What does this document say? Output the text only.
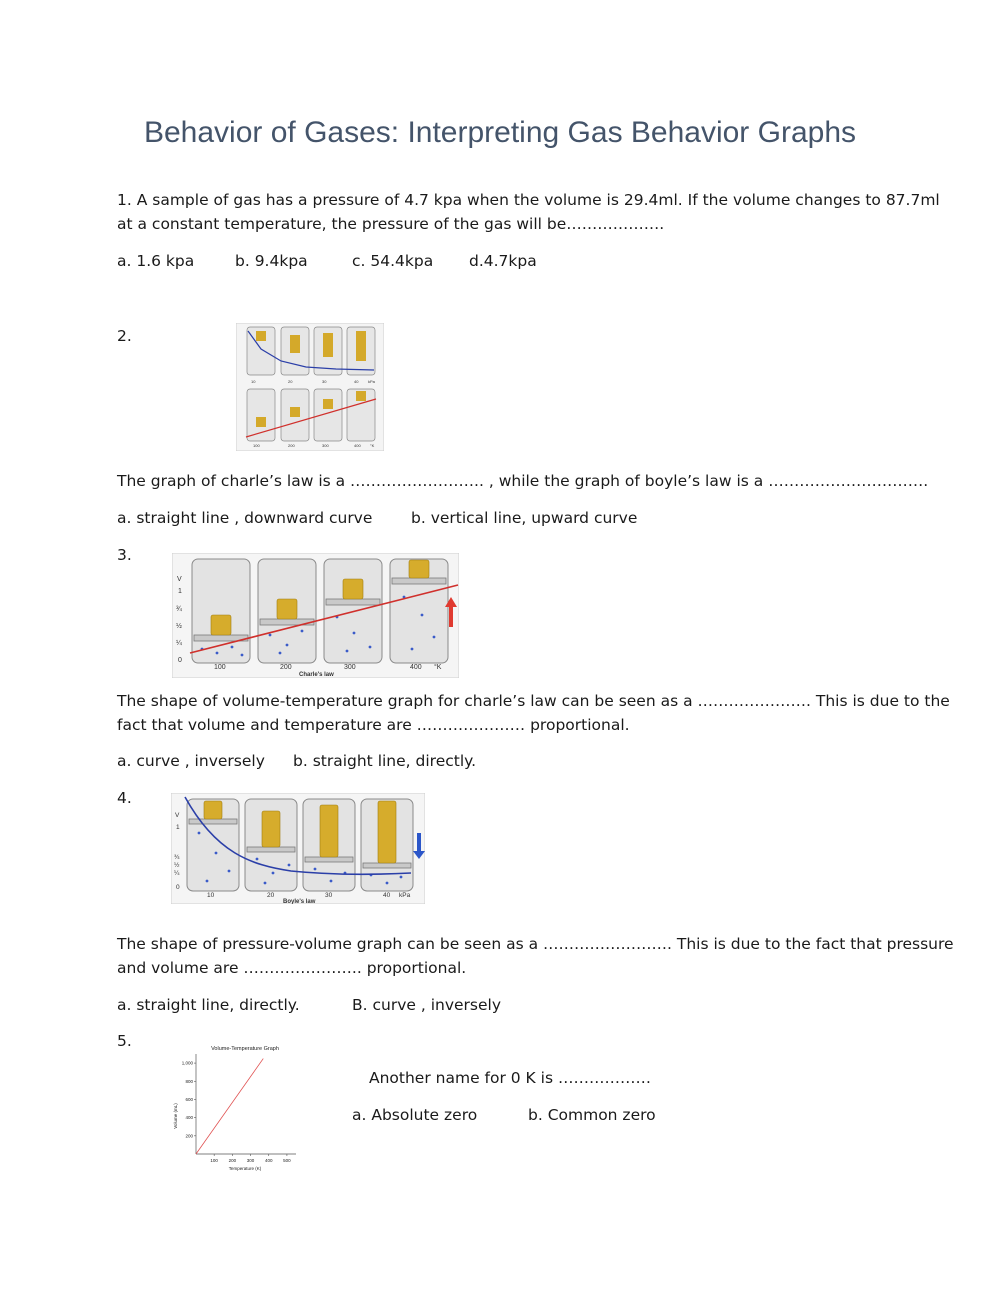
Behavior of Gases: Interpreting Gas Behavior Graphs
1. A sample of gas has a pressure of 4.7 kpa when the volume is 29.4ml. If the volume changes to 87.7ml
at a constant temperature, the pressure of the gas will be……………….
a. 1.6 kpa	b. 9.4kpa	c. 54.4kpa d.4.7kpa
2.
10	20	30	40 kPa
100	200	300	400 °K
The graph of charle’s law is a …………………….. , while the graph of boyle’s law is a ………………………….
a. straight line , downward curve b. vertical line, upward curve
3.
V
1
¾
½
¼
0
100	200	300	400 °K
Charle's law
The shape of volume-temperature graph for charle’s law can be seen as a …………………. This is due to the
fact that volume and temperature are ………………… proportional.
a. curve , inversely b. straight line, directly.
4.
V
1
¾
½
¼
0
10	20	30	40 kPa
Boyle's law
The shape of pressure-volume graph can be seen as a ……………………. This is due to the fact that pressure
and volume are ………………….. proportional.
a. straight line, directly.	B. curve , inversely
5.	Volume-Temperature Graph
Volume (mL)
Temperature (K)
100 200 300 400 500
200
400
600
800
1,000
Another name for 0 K is ………………
a. Absolute zero	b. Common zero
